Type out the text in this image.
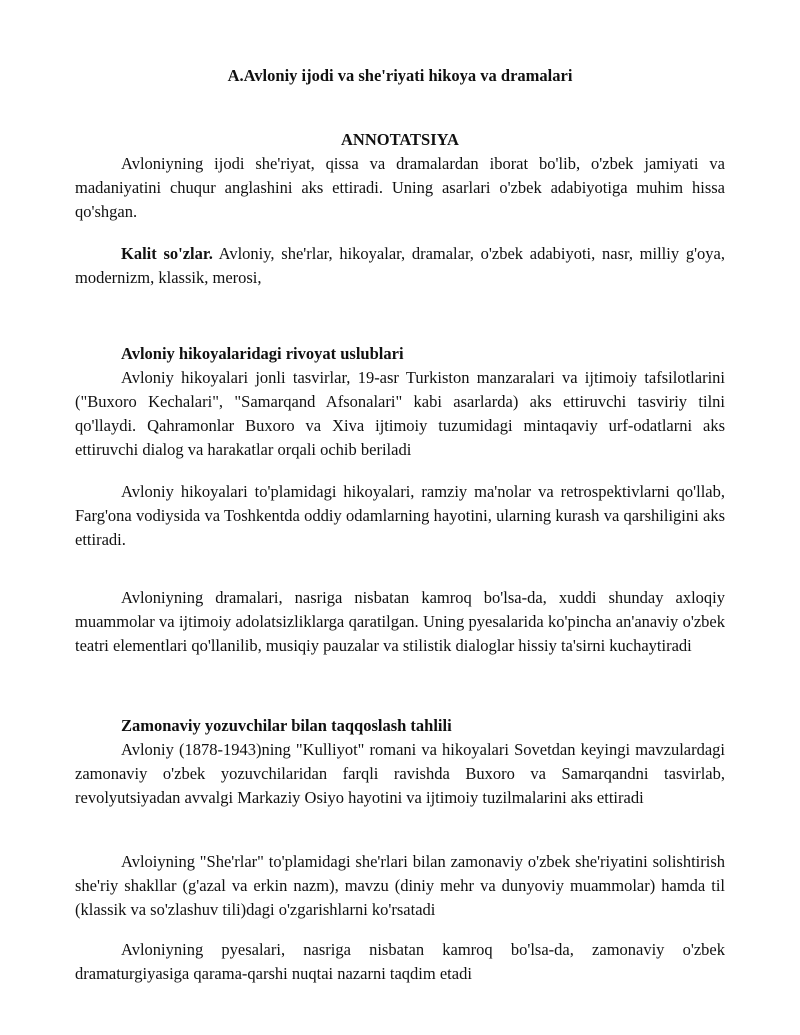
A.Avloniy ijodi va she'riyati hikoya va dramalari
ANNOTATSIYA

Avloniyning ijodi she'riyat, qissa va dramalardan iborat bo'lib, o'zbek jamiyati va madaniyatini chuqur anglashini aks ettiradi. Uning asarlari o'zbek adabiyotiga muhim hissa qo'shgan.

Kalit so'zlar. Avloniy, she'rlar, hikoyalar, dramalar, o'zbek adabiyoti, nasr, milliy g'oya, modernizm, klassik, merosi,

Avloniy hikoyalaridagi rivoyat uslublari

Avloniy hikoyalari jonli tasvirlar, 19-asr Turkiston manzaralari va ijtimoiy tafsilotlarini ("Buxoro Kechalari", "Samarqand Afsonalari" kabi asarlarda) aks ettiruvchi tasviriy tilni qo'llaydi. Qahramonlar Buxoro va Xiva ijtimoiy tuzumidagi mintaqaviy urf-odatlarni aks ettiruvchi dialog va harakatlar orqali ochib beriladi

Avloniy hikoyalari to'plamidagi hikoyalari, ramziy ma'nolar va retrospektivlarni qo'llab, Farg'ona vodiysida va Toshkentda oddiy odamlarning hayotini, ularning kurash va qarshiligini aks ettiradi.

Avloniyning dramalari, nasriga nisbatan kamroq bo'lsa-da, xuddi shunday axloqiy muammolar va ijtimoiy adolatsizliklarga qaratilgan. Uning pyesalarida ko'pincha an'anaviy o'zbek teatri elementlari qo'llanilib, musiqiy pauzalar va stilistik dialoglar hissiy ta'sirni kuchaytiradi

Zamonaviy yozuvchilar bilan taqqoslash tahlili

Avloniy (1878-1943)ning "Kulliyot" romani va hikoyalari Sovetdan keyingi mavzulardagi zamonaviy o'zbek yozuvchilaridan farqli ravishda Buxoro va Samarqandni tasvirlab, revolyutsiyadan avvalgi Markaziy Osiyo hayotini va ijtimoiy tuzilmalarini aks ettiradi

Avloiyning "She'rlar" to'plamidagi she'rlari bilan zamonaviy o'zbek she'riyatini solishtirish she'riy shakllar (g'azal va erkin nazm), mavzu (diniy mehr va dunyoviy muammolar) hamda til (klassik va so'zlashuv tili)dagi o'zgarishlarni ko'rsatadi

Avloniyning pyesalari, nasriga nisbatan kamroq bo'lsa-da, zamonaviy o'zbek dramaturgiyasiga qarama-qarshi nuqtai nazarni taqdim etadi
